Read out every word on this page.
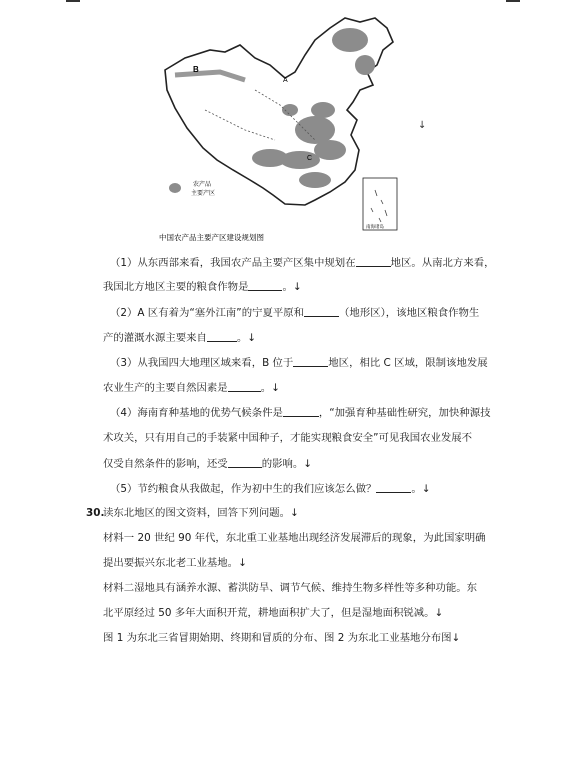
B
A
C
农产品
主要产区
南海诸岛
中国农产品主要产区建设规划图
↓
（1）从东西部来看，我国农产品主要产区集中规划在	地区。从南北方来看，
我国北方地区主要的粮食作物是	。↓
（2）A 区有着为“塞外江南”的宁夏平原和	（地形区），该地区粮食作物生
产的灌溉水源主要来自	。↓
（3）从我国四大地理区域来看，B 位于	地区，相比 C 区域，限制该地发展
农业生产的主要自然因素是	。↓
（4）海南育种基地的优势气候条件是	，“加强育种基础性研究，加快种源技
术攻关，只有用自己的手装紧中国种子，才能实现粮食安全”可见我国农业发展不
仅受自然条件的影响，还受	的影响。↓
（5）节约粮食从我做起，作为初中生的我们应该怎么做？	。↓
30.
读东北地区的图文资料，回答下列问题。↓
材料一 20 世纪 90 年代，东北重工业基地出现经济发展滞后的现象，为此国家明确
提出要振兴东北老工业基地。↓
材料二湿地具有涵养水源、蓄洪防旱、调节气候、维持生物多样性等多种功能。东
北平原经过 50 多年大面积开荒，耕地面积扩大了，但是湿地面积锐减。↓
图 1 为东北三省冒期始期、终期和冒质的分布、图 2 为东北工业基地分布图↓
